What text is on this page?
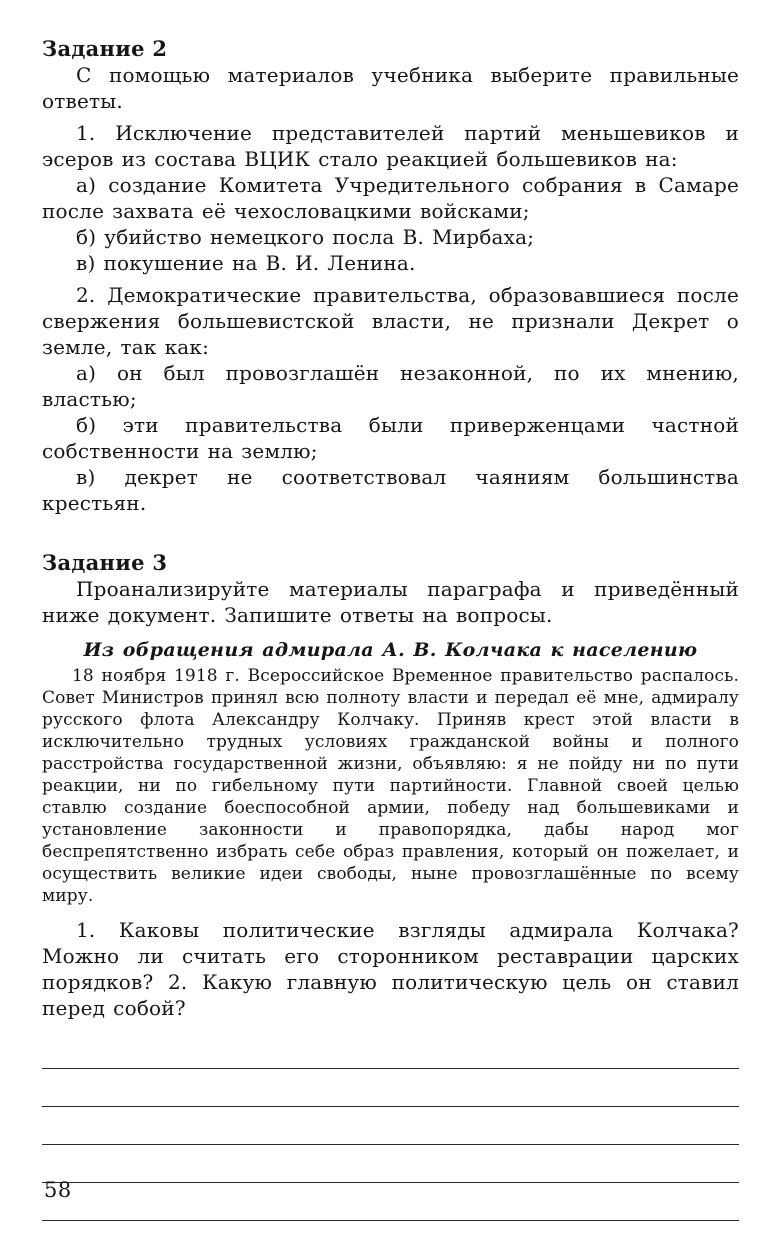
Задание 2

С помощью материалов учебника выберите правильные ответы.

1. Исключение представителей партий меньшевиков и эсеров из состава ВЦИК стало реакцией большевиков на:

а) создание Комитета Учредительного собрания в Самаре после захвата её чехословацкими войсками;

б) убийство немецкого посла В. Мирбаха;

в) покушение на В. И. Ленина.

2. Демократические правительства, образовавшиеся после свержения большевистской власти, не признали Декрет о земле, так как:

а) он был провозглашён незаконной, по их мнению, властью;

б) эти правительства были приверженцами частной собственности на землю;

в) декрет не соответствовал чаяниям большинства крестьян.

Задание 3

Проанализируйте материалы параграфа и приведённый ниже документ. Запишите ответы на вопросы.

Из обращения адмирала А. В. Колчака к населению

18 ноября 1918 г. Всероссийское Временное правительство распалось. Совет Министров принял всю полноту власти и передал её мне, адмиралу русского флота Александру Колчаку. Приняв крест этой власти в исключительно трудных условиях гражданской войны и полного расстройства государственной жизни, объявляю: я не пойду ни по пути реакции, ни по гибельному пути партийности. Главной своей целью ставлю создание боеспособной армии, победу над большевиками и установление законности и правопорядка, дабы народ мог беспрепятственно избрать себе образ правления, который он пожелает, и осуществить великие идеи свободы, ныне провозглашённые по всему миру.

1. Каковы политические взгляды адмирала Колчака? Можно ли считать его сторонником реставрации царских порядков? 2. Какую главную политическую цель он ставил перед собой?

58
